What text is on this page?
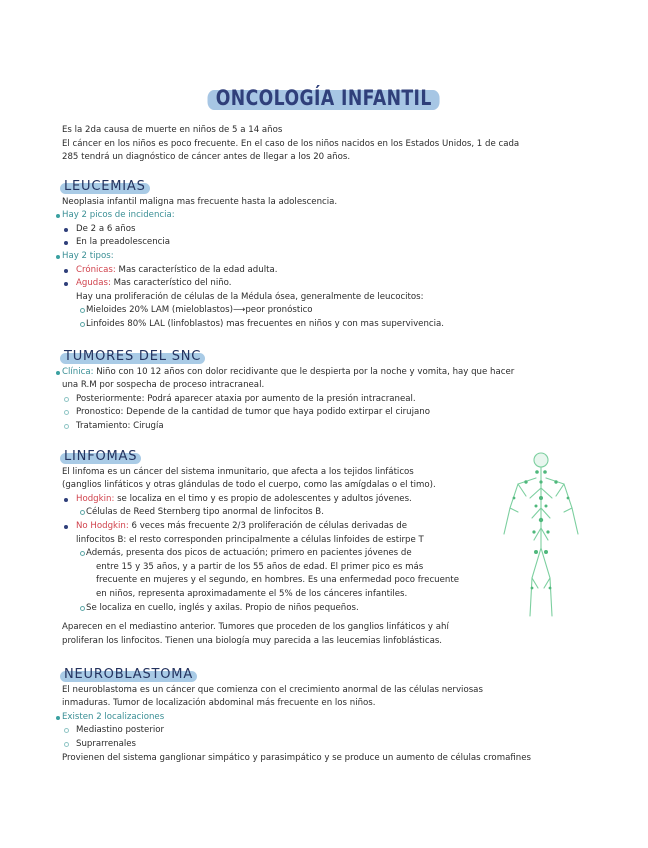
ONCOLOGÍA INFANTIL

Es la 2da causa de muerte en niños de 5 a 14 años

El cáncer en los niños es poco frecuente. En el caso de los niños nacidos en los Estados Unidos, 1 de cada

285 tendrá un diagnóstico de cáncer antes de llegar a los 20 años.

LEUCEMIAS

Neoplasia infantil maligna mas frecuente hasta la adolescencia.

Hay 2 picos de incidencia:

De 2 a 6 años

En la preadolescencia

Hay 2 tipos:

Crónicas: Mas característico de la edad adulta.

Agudas: Mas característico del niño.

Hay una proliferación de células de la Médula ósea, generalmente de leucocitos:

Mieloides 20% LAM (mieloblastos)⟶peor pronóstico

Linfoides 80% LAL (linfoblastos) mas frecuentes en niños y con mas supervivencia.

TUMORES DEL SNC

Clínica: Niño con 10 12 años con dolor recidivante que le despierta por la noche y vomita, hay que hacer

una R.M por sospecha de proceso intracraneal.

Posteriormente: Podrá aparecer ataxia por aumento de la presión intracraneal.

Pronostico: Depende de la cantidad de tumor que haya podido extirpar el cirujano

Tratamiento: Cirugía

LINFOMAS

El linfoma es un cáncer del sistema inmunitario, que afecta a los tejidos linfáticos

(ganglios linfáticos y otras glándulas de todo el cuerpo, como las amígdalas o el timo).

Hodgkin: se localiza en el timo y es propio de adolescentes y adultos jóvenes.

Células de Reed Sternberg tipo anormal de linfocitos B.

No Hodgkin: 6 veces más frecuente 2/3 proliferación de células derivadas de

linfocitos B: el resto corresponden principalmente a células linfoides de estirpe T

Además, presenta dos picos de actuación; primero en pacientes jóvenes de

entre 15 y 35 años, y a partir de los 55 años de edad. El primer pico es más

frecuente en mujeres y el segundo, en hombres. Es una enfermedad poco frecuente

en niños, representa aproximadamente el 5% de los cánceres infantiles.

Se localiza en cuello, inglés y axilas. Propio de niños pequeños.

Aparecen en el mediastino anterior. Tumores que proceden de los ganglios linfáticos y ahí

proliferan los linfocitos. Tienen una biología muy parecida a las leucemias linfoblásticas.

NEUROBLASTOMA

El neuroblastoma es un cáncer que comienza con el crecimiento anormal de las células nerviosas

inmaduras. Tumor de localización abdominal más frecuente en los niños.

Existen 2 localizaciones

Mediastino posterior

Suprarrenales

Provienen del sistema ganglionar simpático y parasimpático y se produce un aumento de células cromafines
